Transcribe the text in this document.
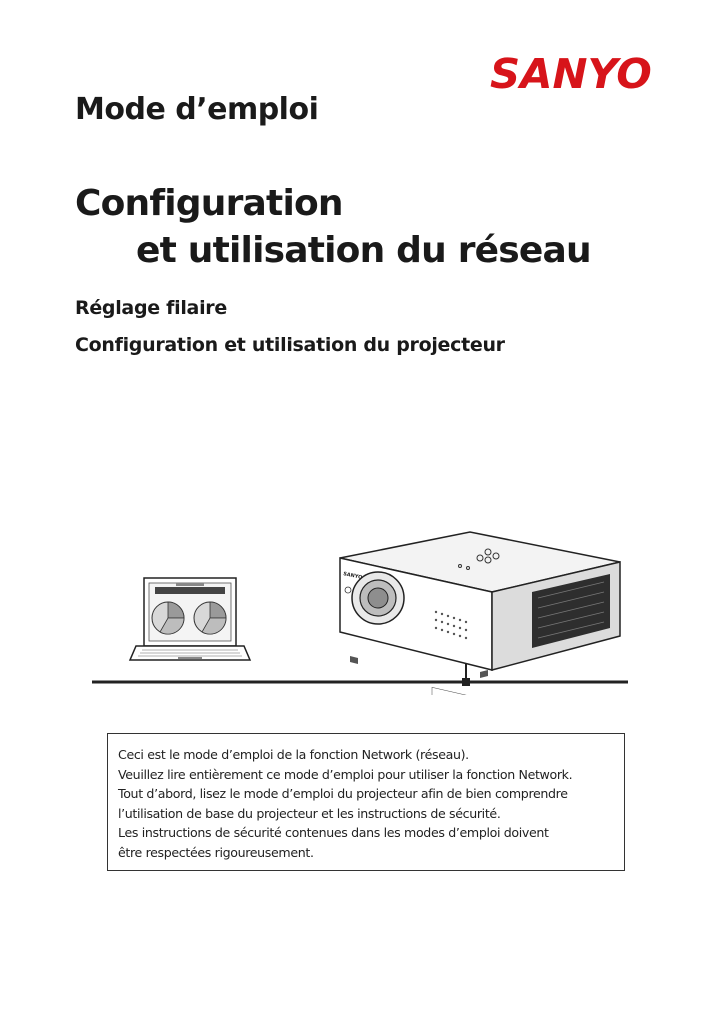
SANYO
Mode d’emploi
Configuration
et utilisation du réseau
Réglage filaire
Configuration et utilisation du projecteur
SANYO
Ceci est le mode d’emploi de la fonction Network (réseau).
Veuillez lire entièrement ce mode d’emploi pour utiliser la fonction Network.
Tout d’abord, lisez le mode d’emploi du projecteur afin de bien comprendre
l’utilisation de base du projecteur et les instructions de sécurité.
Les instructions de sécurité contenues dans les modes d’emploi doivent
être respectées rigoureusement.
